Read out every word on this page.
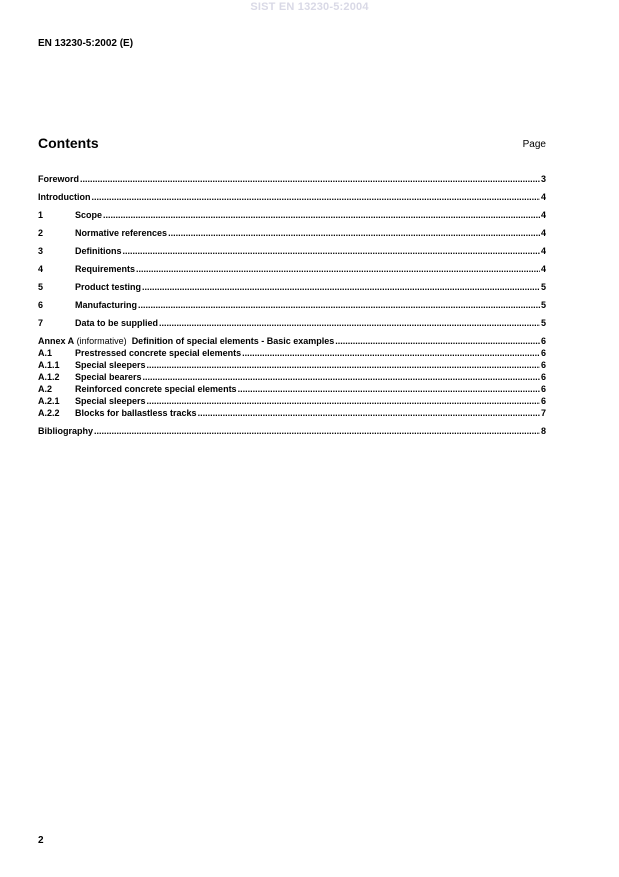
SIST EN 13230-5:2004
EN 13230-5:2002 (E)
Contents	Page
Foreword .....	3
Introduction .....	4
1	Scope .....	4
2	Normative references .....	4
3	Definitions .....	4
4	Requirements .....	4
5	Product testing .....	5
6	Manufacturing .....	5
7	Data to be supplied .....	5
Annex A (informative)  Definition of special elements - Basic examples .....	6
A.1	Prestressed concrete special elements .....	6
A.1.1	Special sleepers .....	6
A.1.2	Special bearers .....	6
A.2	Reinforced concrete special elements .....	6
A.2.1	Special sleepers .....	6
A.2.2	Blocks for ballastless tracks .....	7
Bibliography .....	8
2
